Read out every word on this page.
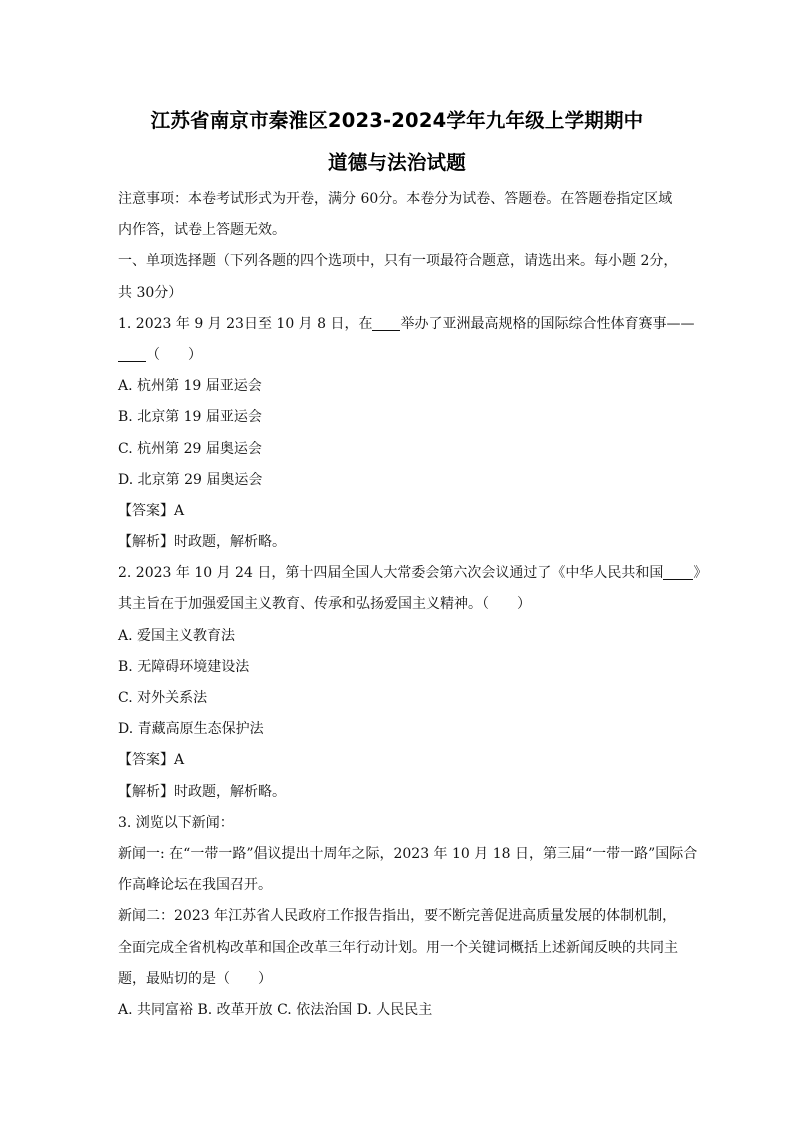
江苏省南京市秦淮区2023-2024学年九年级上学期期中
道德与法治试题
注意事项：本卷考试形式为开卷，满分 60分。本卷分为试卷、答题卷。在答题卷指定区域
内作答，试卷上答题无效。
一、单项选择题（下列各题的四个选项中，只有一项最符合题意，请选出来。每小题 2分，
共 30分）
1. 2023 年 9 月 23日至 10 月 8 日，在 举办了亚洲最高规格的国际综合性体育赛事——
（　　）
A. 杭州第 19 届亚运会
B. 北京第 19 届亚运会
C. 杭州第 29 届奥运会
D. 北京第 29 届奥运会
【答案】A
【解析】时政题，解析略。
2. 2023 年 10 月 24 日，第十四届全国人大常委会第六次会议通过了《中华人民共和国 》
其主旨在于加强爱国主义教育、传承和弘扬爱国主义精神。（　　）
A. 爱国主义教育法
B. 无障碍环境建设法
C. 对外关系法
D. 青藏高原生态保护法
【答案】A
【解析】时政题，解析略。
3. 浏览以下新闻：
新闻一: 在“一带一路”倡议提出十周年之际，2023 年 10 月 18 日，第三届“一带一路”国际合
作高峰论坛在我国召开。
新闻二：2023 年江苏省人民政府工作报告指出，要不断完善促进高质量发展的体制机制，
全面完成全省机构改革和国企改革三年行动计划。用一个关键词概括上述新闻反映的共同主
题，最贴切的是（　　）
A. 共同富裕 B. 改革开放 C. 依法治国 D. 人民民主
